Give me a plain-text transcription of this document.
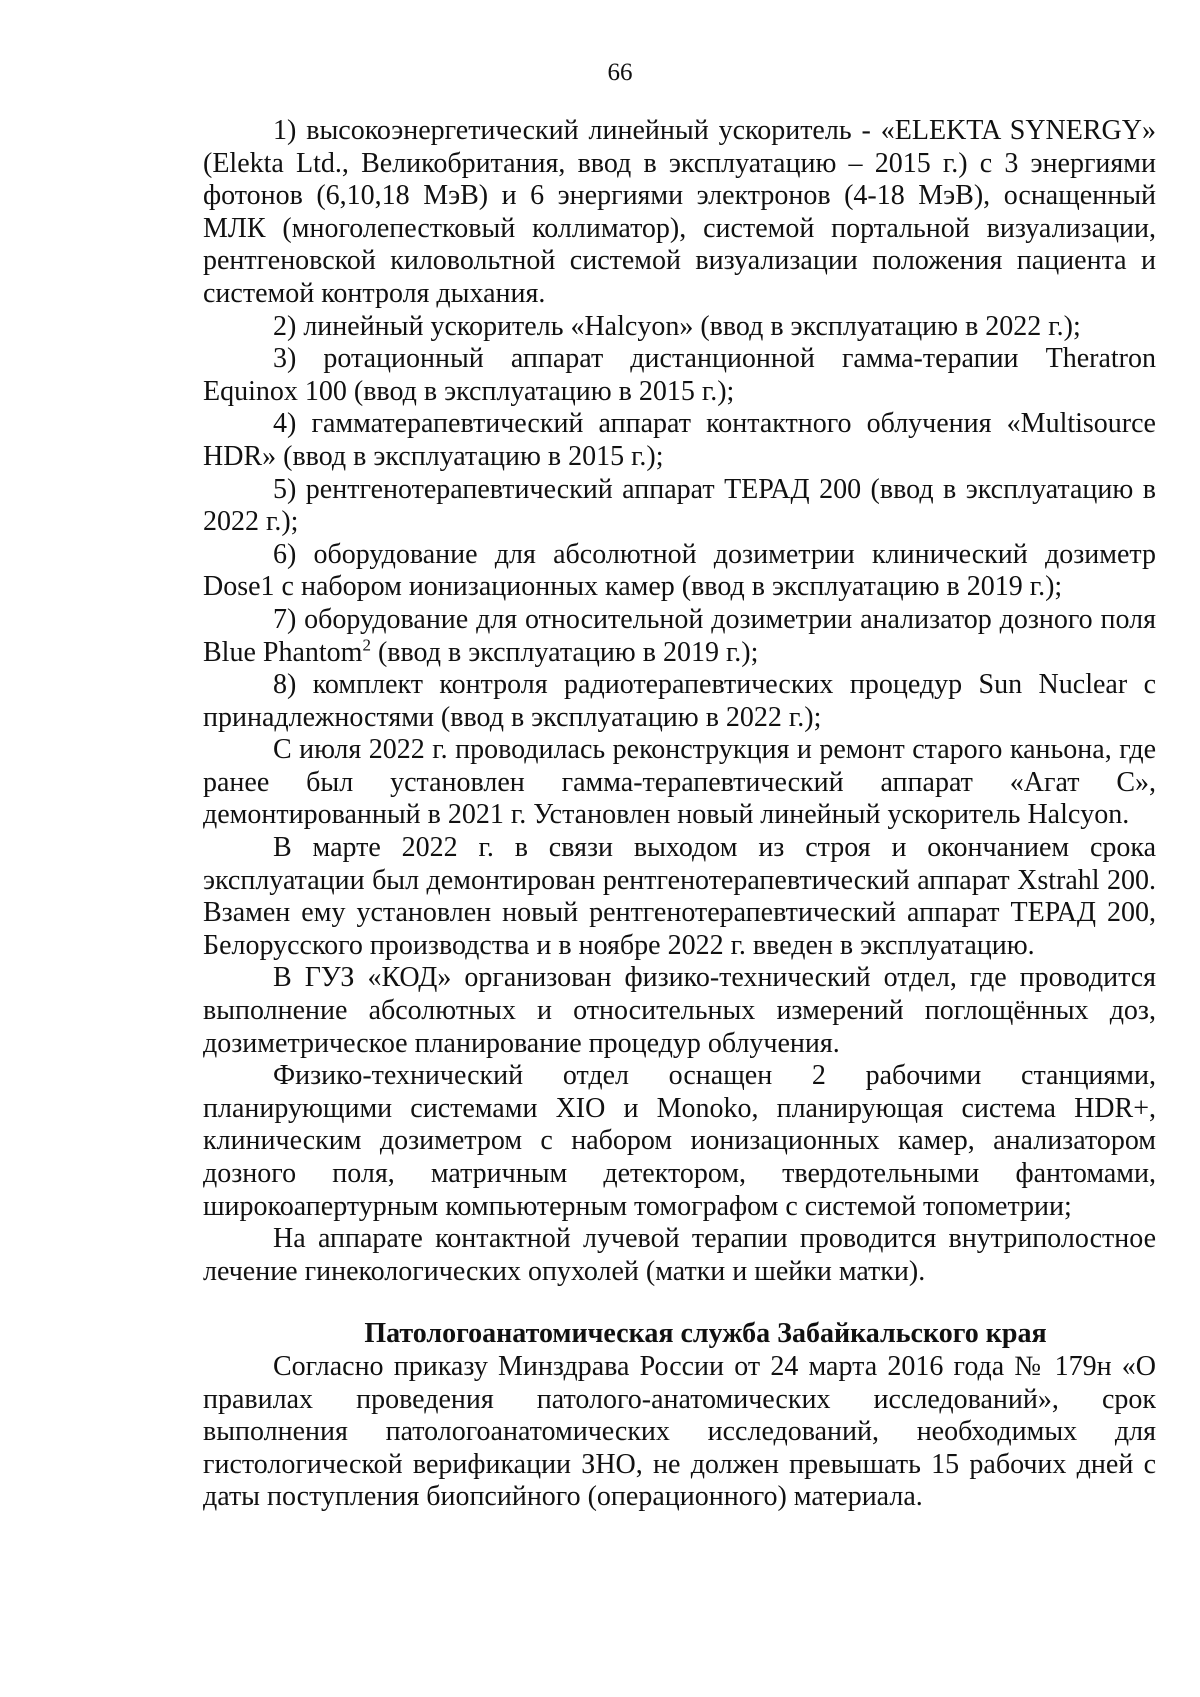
66

1) высокоэнергетический линейный ускоритель - «ELEKTA SYNERGY» (Elekta Ltd., Великобритания, ввод в эксплуатацию – 2015 г.) с 3 энергиями фотонов (6,10,18 МэВ) и 6 энергиями электронов (4-18 МэВ), оснащенный МЛК (многолепестковый коллиматор), системой портальной визуализации, рентгеновской киловольтной системой визуализации положения пациента и системой контроля дыхания.

2) линейный ускоритель «Halcyon» (ввод в эксплуатацию в 2022 г.);

3) ротационный аппарат дистанционной гамма-терапии Theratron Equinox 100 (ввод в эксплуатацию в 2015 г.);

4) гамматерапевтический аппарат контактного облучения «Multisource HDR» (ввод в эксплуатацию в 2015 г.);

5) рентгенотерапевтический аппарат ТЕРАД 200 (ввод в эксплуатацию в 2022 г.);

6) оборудование для абсолютной дозиметрии клинический дозиметр Dose1 с набором ионизационных камер (ввод в эксплуатацию в 2019 г.);

7) оборудование для относительной дозиметрии анализатор дозного поля Blue Phantom$^2$ (ввод в эксплуатацию в 2019 г.);

8) комплект контроля радиотерапевтических процедур Sun Nuclear с принадлежностями (ввод в эксплуатацию в 2022 г.);

С июля 2022 г. проводилась реконструкция и ремонт старого каньона, где ранее был установлен гамма-терапевтический аппарат «Агат С», демонтированный в 2021 г. Установлен новый линейный ускоритель Halcyon.

В марте 2022 г. в связи выходом из строя и окончанием срока эксплуатации был демонтирован рентгенотерапевтический аппарат Xstrahl 200. Взамен ему установлен новый рентгенотерапевтический аппарат ТЕРАД 200, Белорусского производства и в ноябре 2022 г. введен в эксплуатацию.

В ГУЗ «КОД» организован физико-технический отдел, где проводится выполнение абсолютных и относительных измерений поглощённых доз, дозиметрическое планирование процедур облучения.

Физико-технический отдел оснащен 2 рабочими станциями, планирующими системами XIO и Monoko, планирующая система HDR+, клиническим дозиметром с набором ионизационных камер, анализатором дозного поля, матричным детектором, твердотельными фантомами, широкоапертурным компьютерным томографом с системой топометрии;

На аппарате контактной лучевой терапии проводится внутриполостное лечение гинекологических опухолей (матки и шейки матки).

Патологоанатомическая служба Забайкальского края

Согласно приказу Минздрава России от 24 марта 2016 года № 179н «О правилах проведения патолого-анатомических исследований», срок выполнения патологоанатомических исследований, необходимых для гистологической верификации ЗНО, не должен превышать 15 рабочих дней с даты поступления биопсийного (операционного) материала.
